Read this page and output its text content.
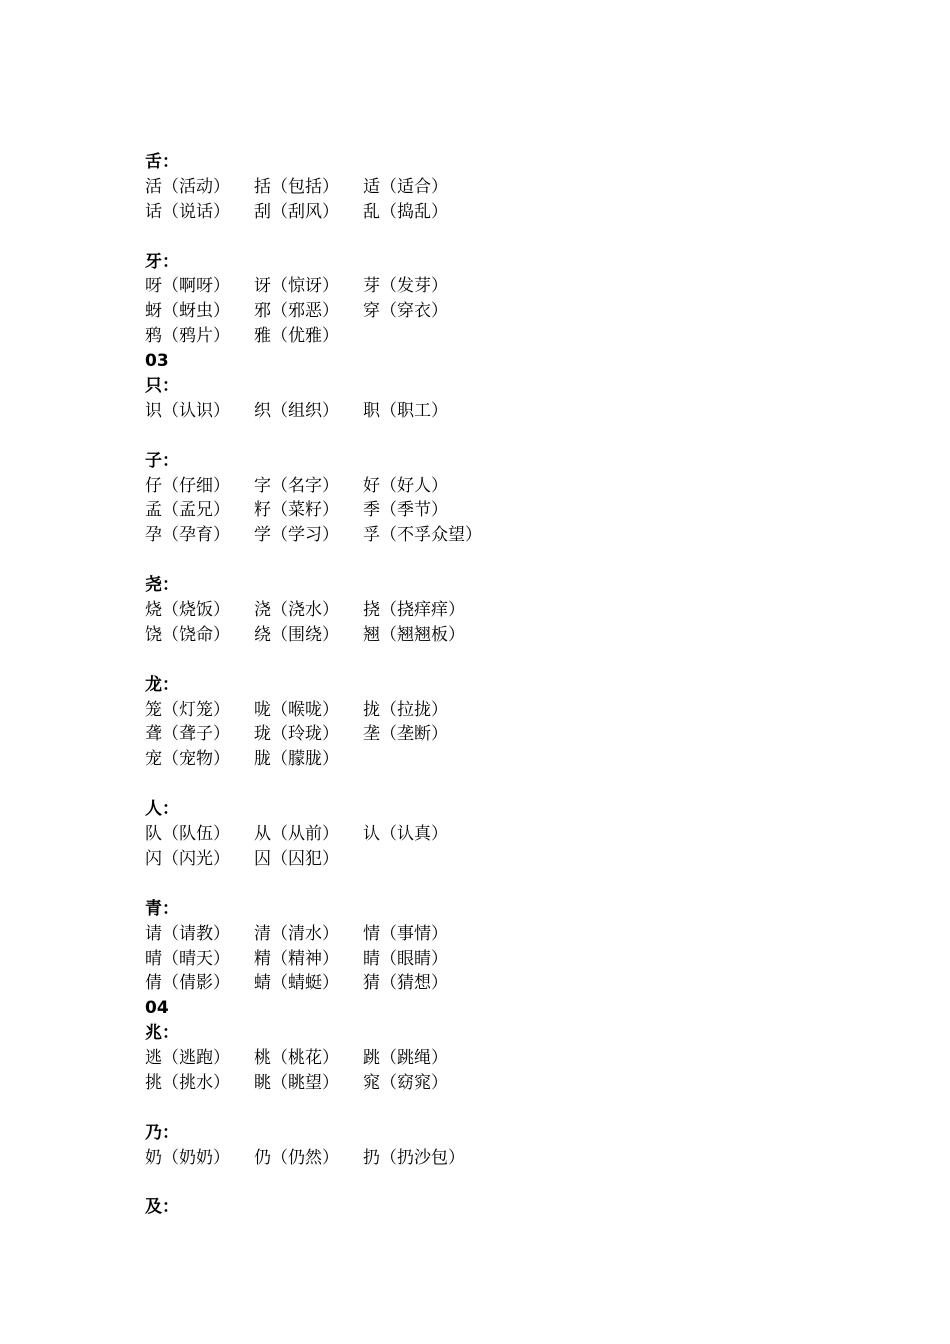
舌：
活（活动） 括（包括） 适（适合）
话（说话） 刮（刮风） 乱（捣乱）
牙：
呀（啊呀） 讶（惊讶） 芽（发芽）
蚜（蚜虫） 邪（邪恶） 穿（穿衣）
鸦（鸦片） 雅（优雅）
03
只：
识（认识） 织（组织） 职（职工）
子：
仔（仔细） 字（名字） 好（好人）
孟（孟兄） 籽（菜籽） 季（季节）
孕（孕育） 学（学习） 孚（不孚众望）
尧：
烧（烧饭） 浇（浇水） 挠（挠痒痒）
饶（饶命） 绕（围绕） 翘（翘翘板）
龙：
笼（灯笼） 咙（喉咙） 拢（拉拢）
聋（聋子） 珑（玲珑） 垄（垄断）
宠（宠物） 胧（朦胧）
人：
队（队伍） 从（从前） 认（认真）
闪（闪光） 囚（囚犯）
青：
请（请教） 清（清水） 情（事情）
晴（晴天） 精（精神） 睛（眼睛）
倩（倩影） 蜻（蜻蜓） 猜（猜想）
04
兆：
逃（逃跑） 桃（桃花） 跳（跳绳）
挑（挑水） 眺（眺望） 窕（窈窕）
乃：
奶（奶奶） 仍（仍然） 扔（扔沙包）
及：
